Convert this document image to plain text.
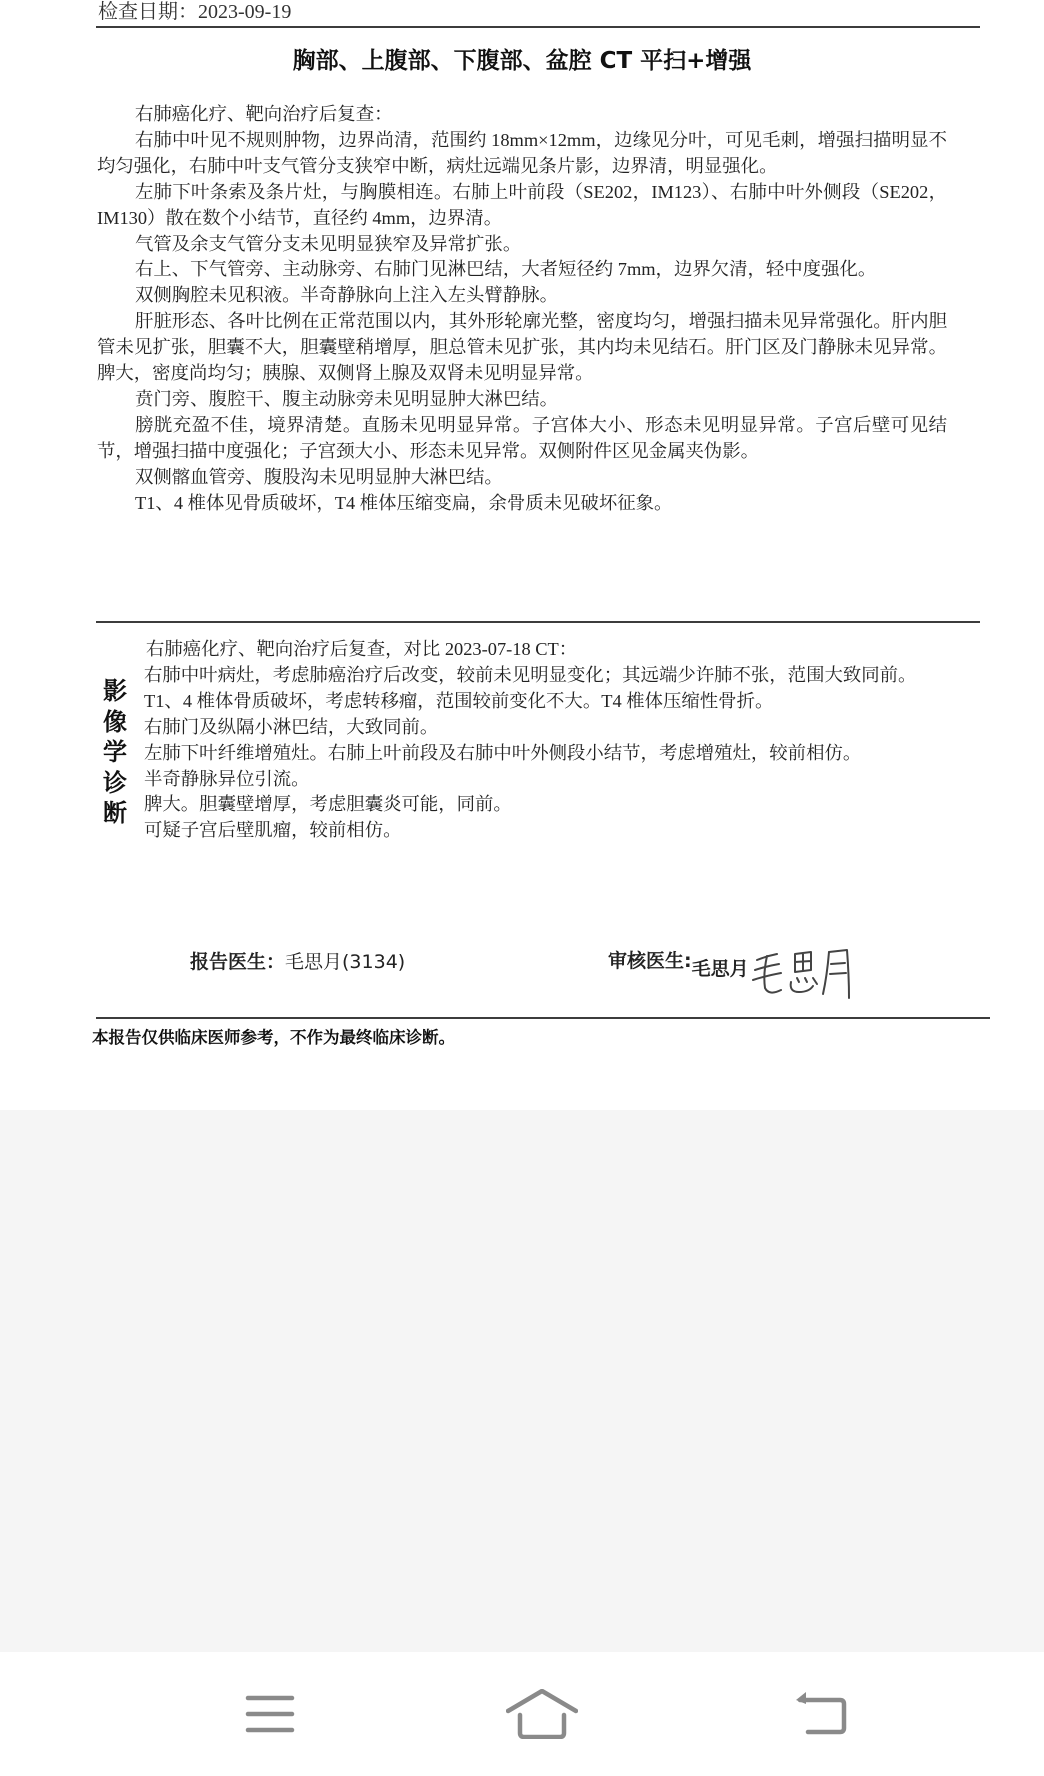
检查日期：2023-09-19
胸部、上腹部、下腹部、盆腔 CT 平扫+增强

右肺癌化疗、靶向治疗后复查：

右肺中叶见不规则肿物，边界尚清，范围约 18mm×12mm，边缘见分叶，可见毛刺，增强扫描明显不均匀强化，右肺中叶支气管分支狭窄中断，病灶远端见条片影，边界清，明显强化。

左肺下叶条索及条片灶，与胸膜相连。右肺上叶前段（SE202，IM123）、右肺中叶外侧段（SE202，IM130）散在数个小结节，直径约 4mm，边界清。

气管及余支气管分支未见明显狭窄及异常扩张。

右上、下气管旁、主动脉旁、右肺门见淋巴结，大者短径约 7mm，边界欠清，轻中度强化。

双侧胸腔未见积液。半奇静脉向上注入左头臂静脉。

肝脏形态、各叶比例在正常范围以内，其外形轮廓光整，密度均匀，增强扫描未见异常强化。肝内胆管未见扩张，胆囊不大，胆囊壁稍增厚，胆总管未见扩张，其内均未见结石。肝门区及门静脉未见异常。脾大，密度尚均匀；胰腺、双侧肾上腺及双肾未见明显异常。

贲门旁、腹腔干、腹主动脉旁未见明显肿大淋巴结。

膀胱充盈不佳，境界清楚。直肠未见明显异常。子宫体大小、形态未见明显异常。子宫后壁可见结节，增强扫描中度强化；子宫颈大小、形态未见异常。双侧附件区见金属夹伪影。

双侧髂血管旁、腹股沟未见明显肿大淋巴结。

T1、4 椎体见骨质破坏，T4 椎体压缩变扁，余骨质未见破坏征象。

影
像
学
诊
断

右肺癌化疗、靶向治疗后复查，对比 2023-07-18 CT：

右肺中叶病灶，考虑肺癌治疗后改变，较前未见明显变化；其远端少许肺不张，范围大致同前。

T1、4 椎体骨质破坏，考虑转移瘤，范围较前变化不大。T4 椎体压缩性骨折。

右肺门及纵隔小淋巴结，大致同前。

左肺下叶纤维增殖灶。右肺上叶前段及右肺中叶外侧段小结节，考虑增殖灶，较前相仿。

半奇静脉异位引流。

脾大。胆囊壁增厚，考虑胆囊炎可能，同前。

可疑子宫后壁肌瘤，较前相仿。

报告医生：毛思月(3134)	审核医生: 毛思月
本报告仅供临床医师参考，不作为最终临床诊断。
